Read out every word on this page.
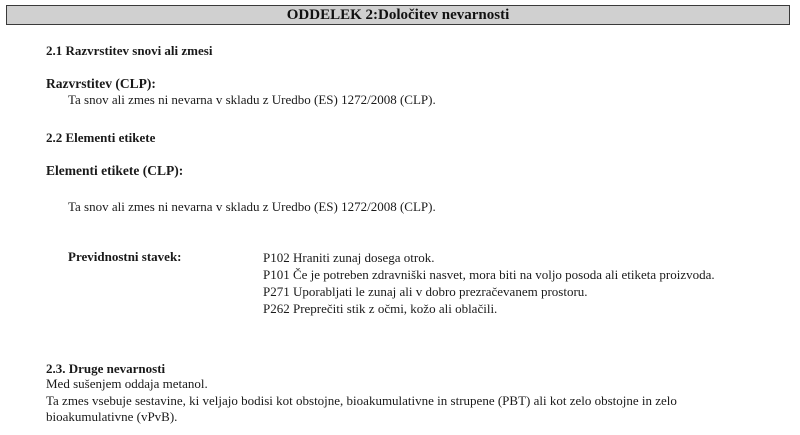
ODDELEK 2:Določitev nevarnosti
2.1 Razvrstitev snovi ali zmesi
Razvrstitev (CLP):
Ta snov ali zmes ni nevarna v skladu z Uredbo (ES) 1272/2008 (CLP).
2.2 Elementi etikete
Elementi etikete (CLP):
Ta snov ali zmes ni nevarna v skladu z Uredbo (ES) 1272/2008 (CLP).
Previdnostni stavek:	P102 Hraniti zunaj dosega otrok.
P101 Če je potreben zdravniški nasvet, mora biti na voljo posoda ali etiketa proizvoda.
P271 Uporabljati le zunaj ali v dobro prezračevanem prostoru.
P262 Preprečiti stik z očmi, kožo ali oblačili.
2.3. Druge nevarnosti
Med sušenjem oddaja metanol.
Ta zmes vsebuje sestavine, ki veljajo bodisi kot obstojne, bioakumulativne in strupene (PBT) ali kot zelo obstojne in zelo
bioakumulativne (vPvB).
